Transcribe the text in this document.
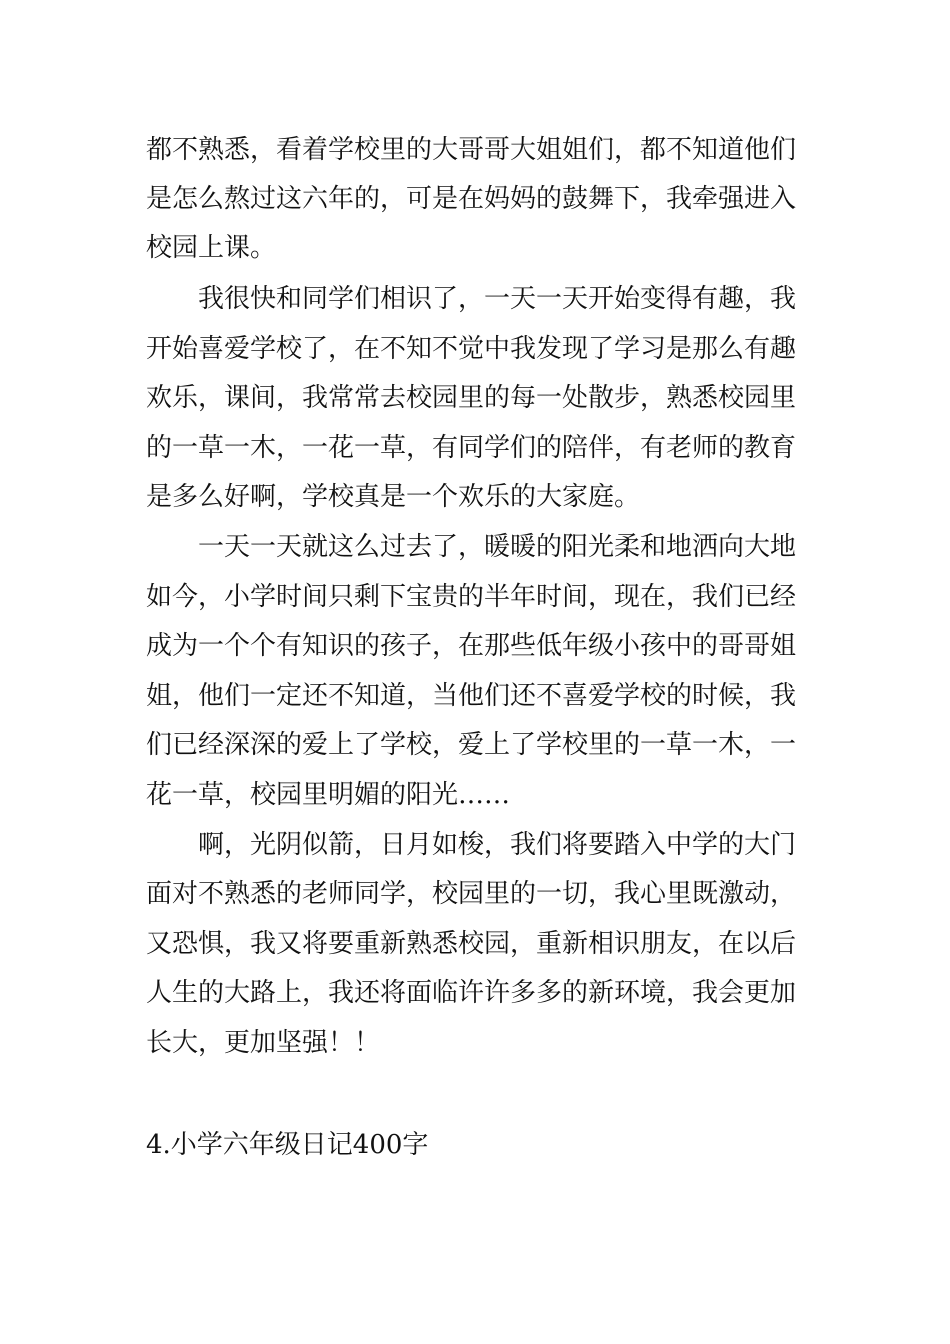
都不熟悉，看着学校里的大哥哥大姐姐们，都不知道他们
是怎么熬过这六年的，可是在妈妈的鼓舞下，我牵强进入
校园上课。
我很快和同学们相识了，一天一天开始变得有趣，我
开始喜爱学校了，在不知不觉中我发现了学习是那么有趣
欢乐，课间，我常常去校园里的每一处散步，熟悉校园里
的一草一木，一花一草，有同学们的陪伴，有老师的教育
是多么好啊，学校真是一个欢乐的大家庭。
一天一天就这么过去了，暖暖的阳光柔和地洒向大地
如今，小学时间只剩下宝贵的半年时间，现在，我们已经
成为一个个有知识的孩子，在那些低年级小孩中的哥哥姐
姐，他们一定还不知道，当他们还不喜爱学校的时候，我
们已经深深的爱上了学校，爱上了学校里的一草一木，一
花一草，校园里明媚的阳光……
啊，光阴似箭，日月如梭，我们将要踏入中学的大门
面对不熟悉的老师同学，校园里的一切，我心里既激动，
又恐惧，我又将要重新熟悉校园，重新相识朋友，在以后
人生的大路上，我还将面临许许多多的新环境，我会更加
长大，更加坚强！！
4.小学六年级日记400字
